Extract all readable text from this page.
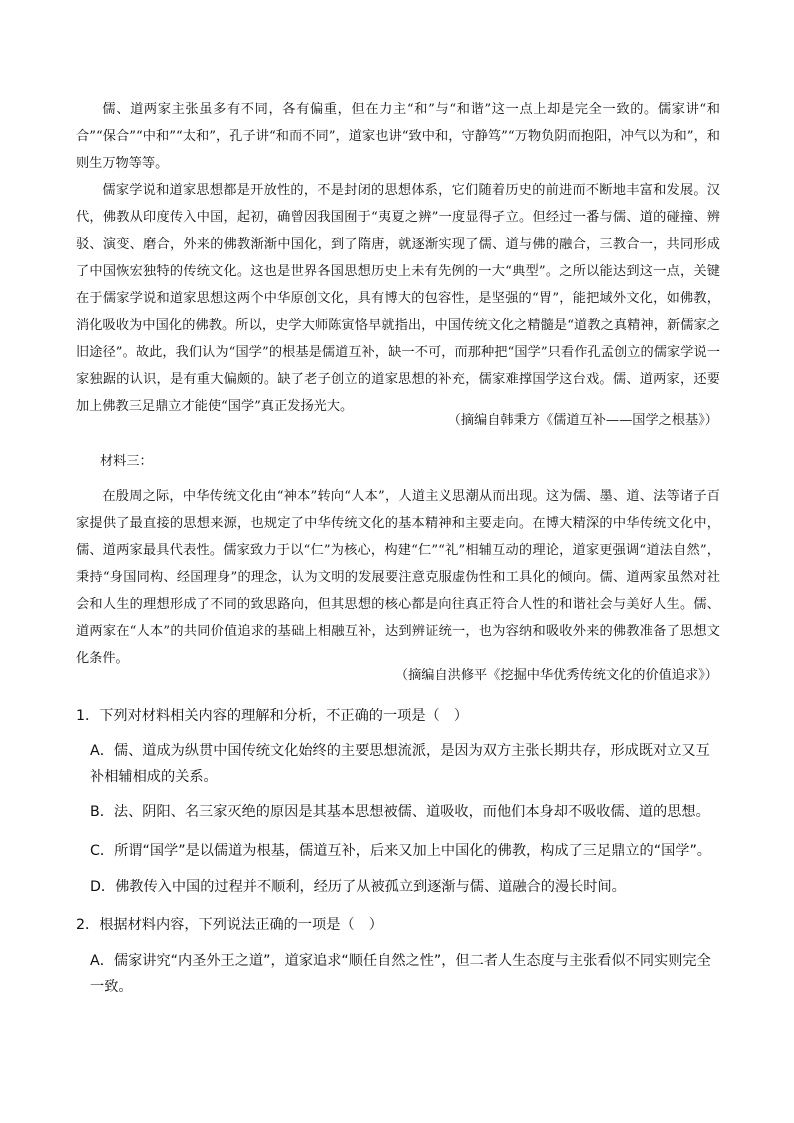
儒、道两家主张虽多有不同，各有偏重，但在力主“和”与“和谐”这一点上却是完全一致的。儒家讲“和合”“保合”“中和”“太和”，孔子讲“和而不同”，道家也讲“致中和，守静笃”“万物负阴而抱阳，冲气以为和”，和则生万物等等。

儒家学说和道家思想都是开放性的，不是封闭的思想体系，它们随着历史的前进而不断地丰富和发展。汉代，佛教从印度传入中国，起初，确曾因我国囿于“夷夏之辨”一度显得孑立。但经过一番与儒、道的碰撞、辨驳、演变、磨合，外来的佛教渐渐中国化，到了隋唐，就逐渐实现了儒、道与佛的融合，三教合一，共同形成了中国恢宏独特的传统文化。这也是世界各国思想历史上未有先例的一大“典型”。之所以能达到这一点，关键在于儒家学说和道家思想这两个中华原创文化，具有博大的包容性，是坚强的“胃”，能把域外文化，如佛教，消化吸收为中国化的佛教。所以，史学大师陈寅恪早就指出，中国传统文化之精髓是“道教之真精神，新儒家之旧途径”。故此，我们认为“国学”的根基是儒道互补，缺一不可，而那种把“国学”只看作孔孟创立的儒家学说一家独踞的认识，是有重大偏颇的。缺了老子创立的道家思想的补充，儒家难撑国学这台戏。儒、道两家，还要加上佛教三足鼎立才能使“国学”真正发扬光大。

（摘编自韩秉方《儒道互补——国学之根基》）

材料三：

在殷周之际，中华传统文化由“神本”转向“人本”，人道主义思潮从而出现。这为儒、墨、道、法等诸子百家提供了最直接的思想来源，也规定了中华传统文化的基本精神和主要走向。在博大精深的中华传统文化中，儒、道两家最具代表性。儒家致力于以“仁”为核心，构建“仁”“礼”相辅互动的理论，道家更强调“道法自然”，秉持“身国同构、经国理身”的理念，认为文明的发展要注意克服虚伪性和工具化的倾向。儒、道两家虽然对社会和人生的理想形成了不同的致思路向，但其思想的核心都是向往真正符合人性的和谐社会与美好人生。儒、道两家在“人本”的共同价值追求的基础上相融互补，达到辨证统一，也为容纳和吸收外来的佛教准备了思想文化条件。

（摘编自洪修平《挖掘中华优秀传统文化的价值追求》）

1．下列对材料相关内容的理解和分析，不正确的一项是（　）

A．儒、道成为纵贯中国传统文化始终的主要思想流派，是因为双方主张长期共存，形成既对立又互补相辅相成的关系。

B．法、阴阳、名三家灭绝的原因是其基本思想被儒、道吸收，而他们本身却不吸收儒、道的思想。

C．所谓“国学”是以儒道为根基，儒道互补，后来又加上中国化的佛教，构成了三足鼎立的“国学”。

D．佛教传入中国的过程并不顺利，经历了从被孤立到逐渐与儒、道融合的漫长时间。

2．根据材料内容，下列说法正确的一项是（　）

A．儒家讲究“内圣外王之道”，道家追求“顺任自然之性”，但二者人生态度与主张看似不同实则完全一致。
